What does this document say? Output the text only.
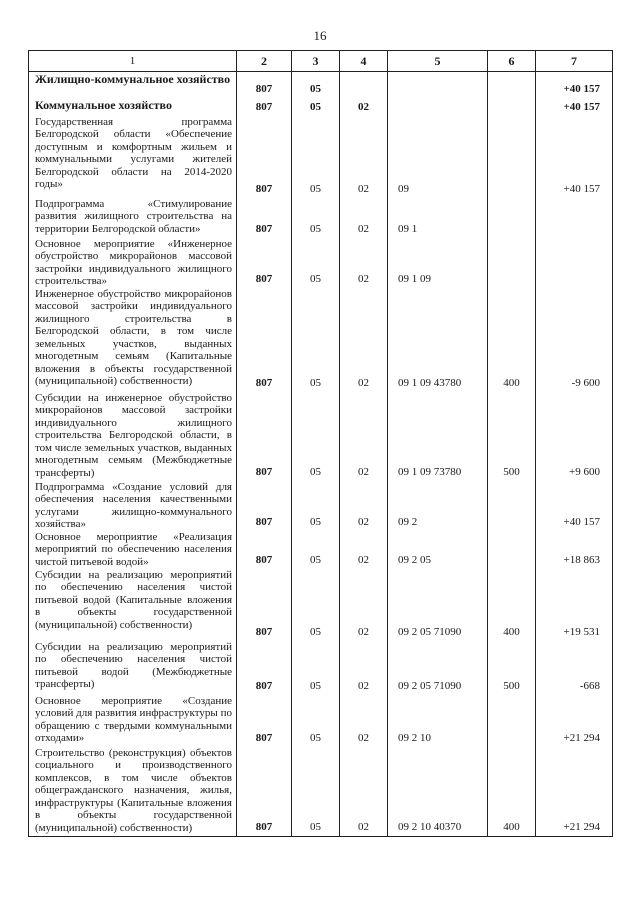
16
1	2	3	4	5	6	7
Жилищно-коммунальное хозяйство	807	05				+40 157
Коммунальное хозяйство	807	05	02			+40 157
Государственная программа Белгородской области «Обеспечение доступным и комфортным жильем и коммунальными услугами жителей Белгородской области на 2014-2020 годы»	807	05	02	09		+40 157
Подпрограмма «Стимулирование развития жилищного строительства на территории Белгородской области»	807	05	02	09 1		
Основное мероприятие «Инженерное обустройство микрорайонов массовой застройки индивидуального жилищного строительства»	807	05	02	09 1 09		
Инженерное обустройство микрорайонов массовой застройки индивидуального жилищного строительства в Белгородской области, в том числе земельных участков, выданных многодетным семьям (Капитальные вложения в объекты государственной (муниципальной) собственности)	807	05	02	09 1 09 43780	400	-9 600
Субсидии на инженерное обустройство микрорайонов массовой застройки индивидуального жилищного строительства Белгородской области, в том числе земельных участков, выданных многодетным семьям (Межбюджетные трансферты)	807	05	02	09 1 09 73780	500	+9 600
Подпрограмма «Создание условий для обеспечения населения качественными услугами жилищно-коммунального хозяйства»	807	05	02	09 2		+40 157
Основное мероприятие «Реализация мероприятий по обеспечению населения чистой питьевой водой»	807	05	02	09 2 05		+18 863
Субсидии на реализацию мероприятий по обеспечению населения чистой питьевой водой (Капитальные вложения в объекты государственной (муниципальной) собственности)	807	05	02	09 2 05 71090	400	+19 531
Субсидии на реализацию мероприятий по обеспечению населения чистой питьевой водой (Межбюджетные трансферты)	807	05	02	09 2 05 71090	500	-668
Основное мероприятие «Создание условий для развития инфраструктуры по обращению с твердыми коммунальными отходами»	807	05	02	09 2 10		+21 294
Строительство (реконструкция) объектов социального и производственного комплексов, в том числе объектов общегражданского назначения, жилья, инфраструктуры (Капитальные вложения в объекты государственной (муниципальной) собственности)	807	05	02	09 2 10 40370	400	+21 294
